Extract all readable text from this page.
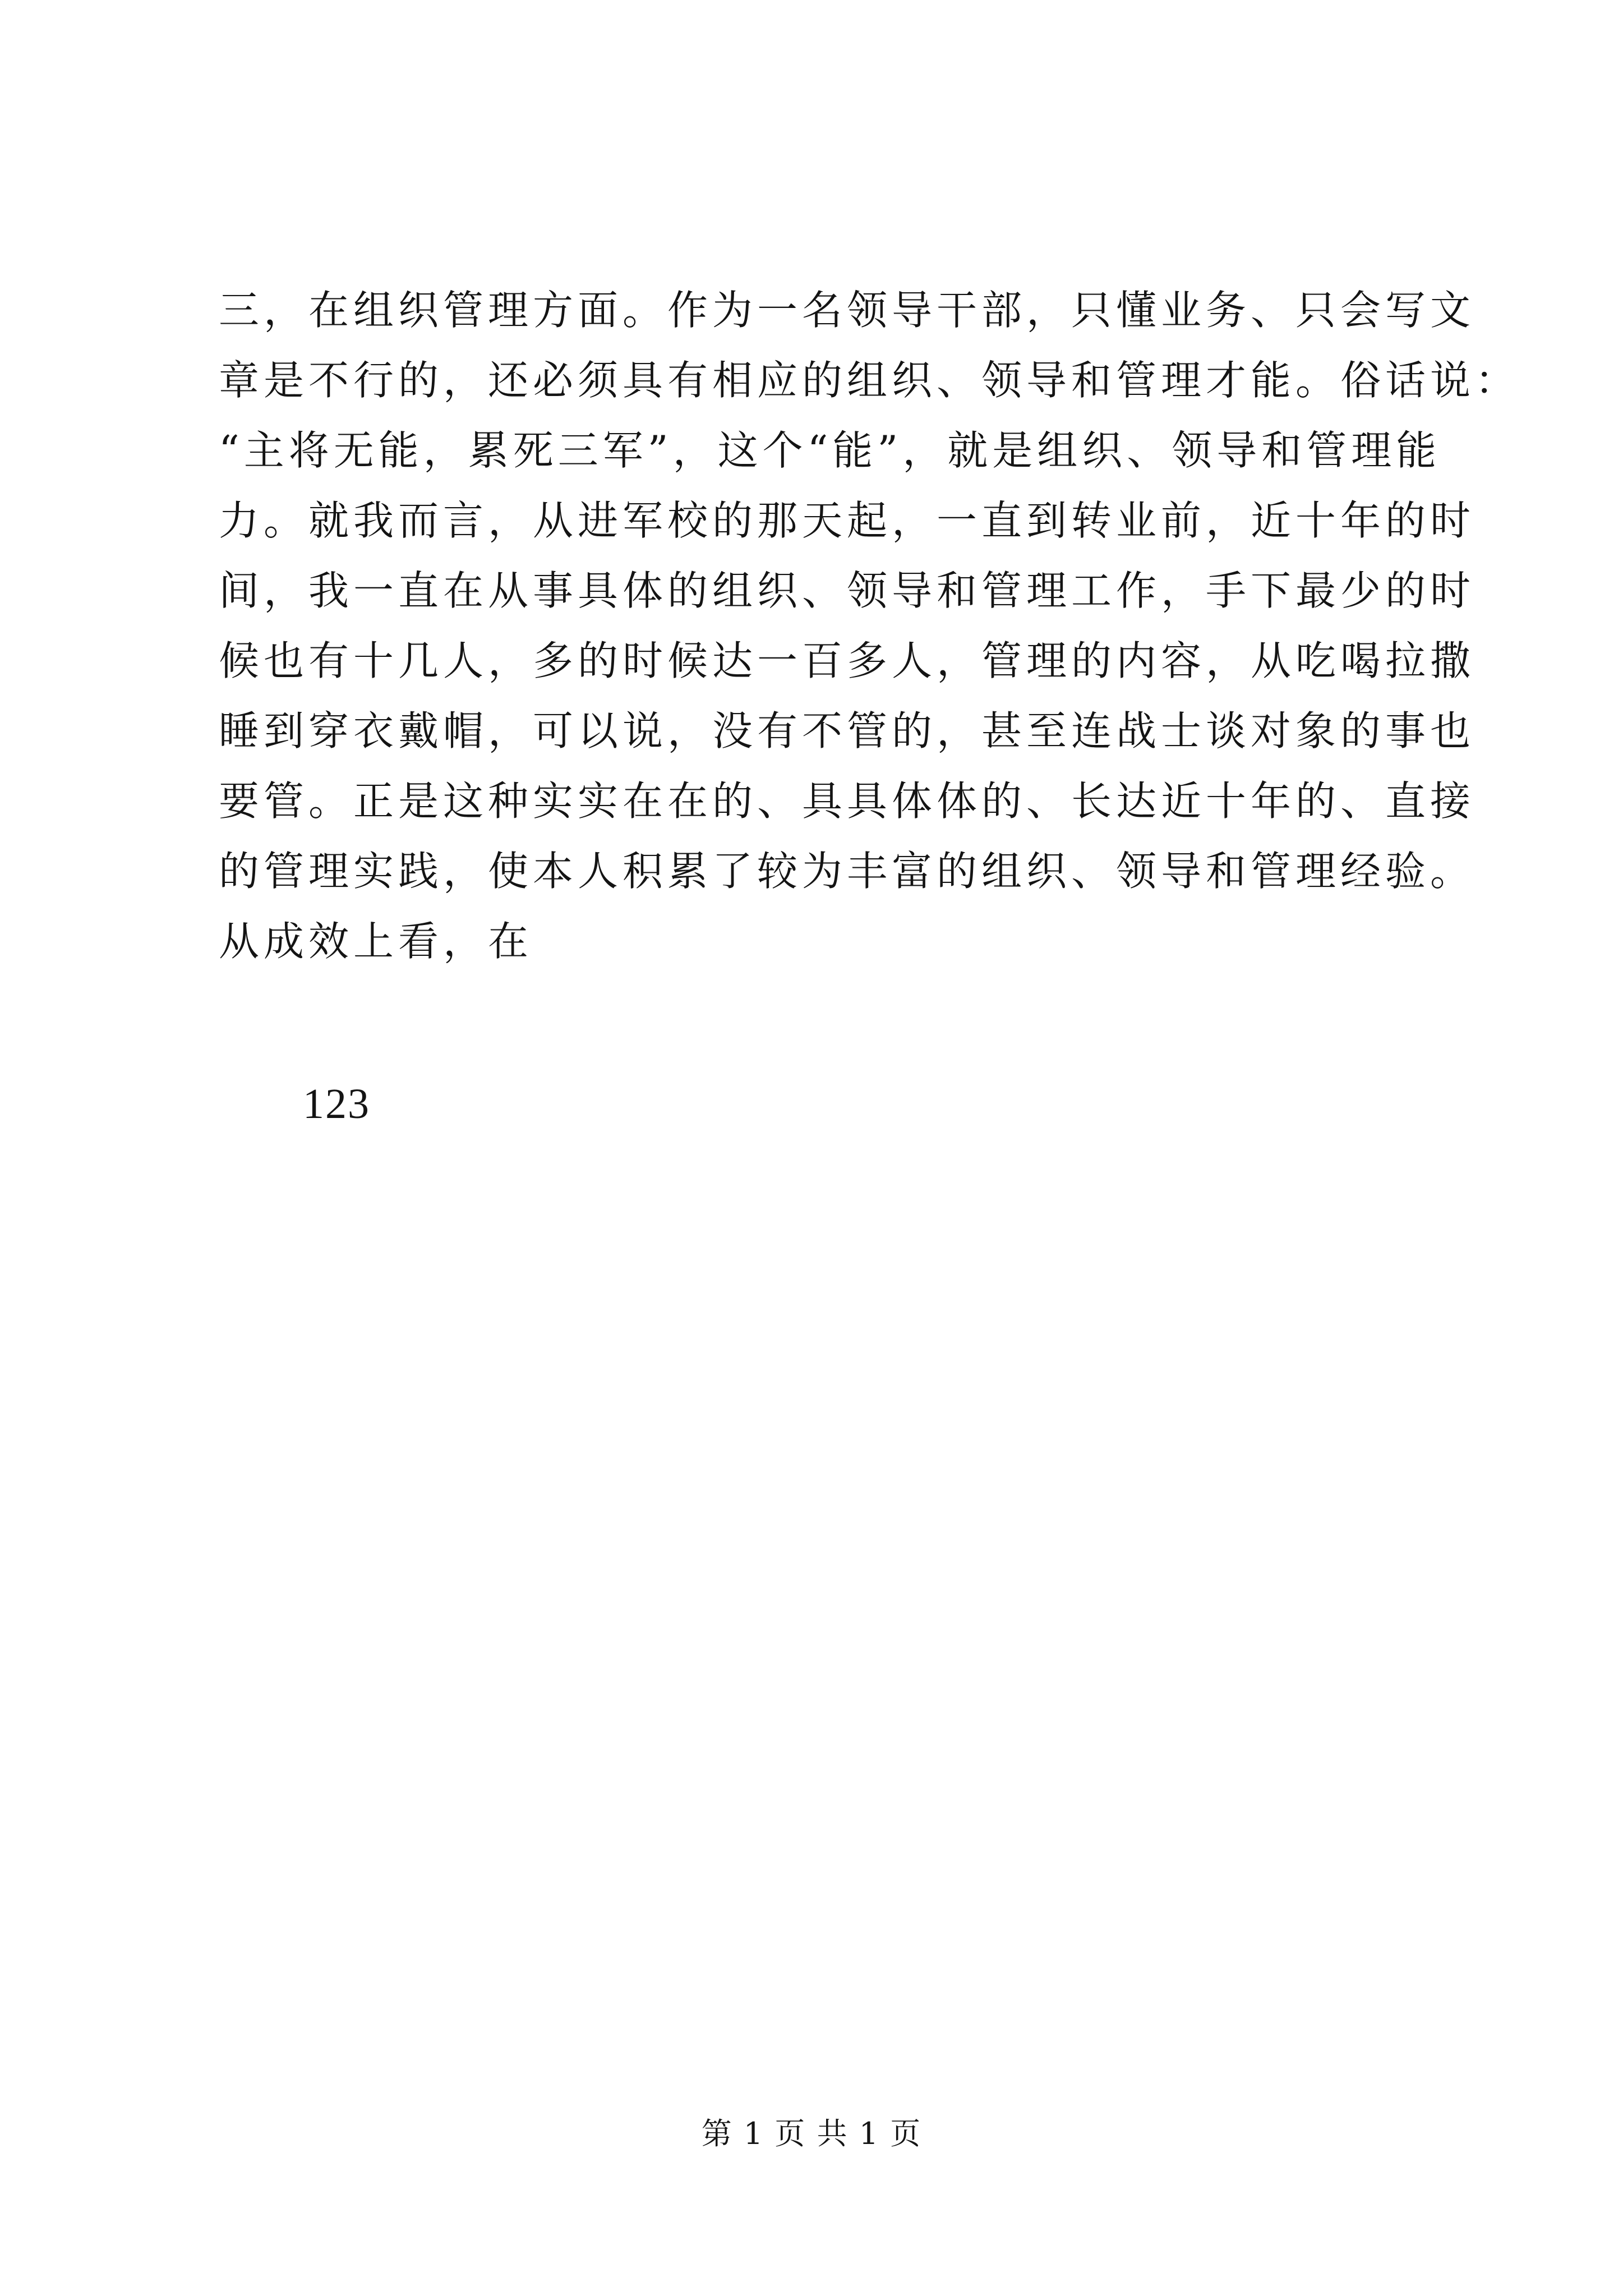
三，在组织管理方面。作为一名领导干部，只懂业务、只会写文
章是不行的，还必须具有相应的组织、领导和管理才能。俗话说：
“主将无能，累死三军”，这个“能”，就是组织、领导和管理能
力。就我而言，从进军校的那天起，一直到转业前，近十年的时
间，我一直在从事具体的组织、领导和管理工作，手下最少的时
候也有十几人，多的时候达一百多人，管理的内容，从吃喝拉撒
睡到穿衣戴帽，可以说，没有不管的，甚至连战士谈对象的事也
要管。正是这种实实在在的、具具体体的、长达近十年的、直接
的管理实践，使本人积累了较为丰富的组织、领导和管理经验。
从成效上看，在
123
第 1 页 共 1 页
